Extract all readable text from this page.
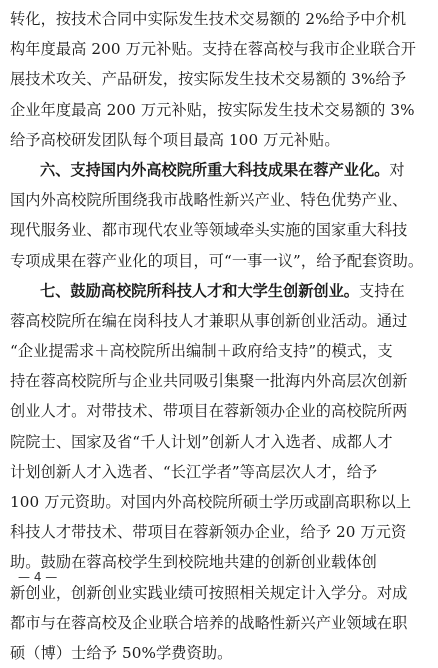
转化，按技术合同中实际发生技术交易额的 2%给予中介机
构年度最高 200 万元补贴。支持在蓉高校与我市企业联合开
展技术攻关、产品研发，按实际发生技术交易额的 3%给予
企业年度最高 200 万元补贴，按实际发生技术交易额的 3%
给予高校研发团队每个项目最高 100 万元补贴。
六、支持国内外高校院所重大科技成果在蓉产业化。对
国内外高校院所围绕我市战略性新兴产业、特色优势产业、
现代服务业、都市现代农业等领域牵头实施的国家重大科技
专项成果在蓉产业化的项目，可“一事一议”，给予配套资助。
七、鼓励高校院所科技人才和大学生创新创业。支持在
蓉高校院所在编在岗科技人才兼职从事创新创业活动。通过
“企业提需求＋高校院所出编制＋政府给支持”的模式，支
持在蓉高校院所与企业共同吸引集聚一批海内外高层次创新
创业人才。对带技术、带项目在蓉新领办企业的高校院所两
院院士、国家及省“千人计划”创新人才入选者、成都人才
计划创新人才入选者、“长江学者”等高层次人才，给予
100 万元资助。对国内外高校院所硕士学历或副高职称以上
科技人才带技术、带项目在蓉新领办企业，给予 20 万元资
助。鼓励在蓉高校学生到校院地共建的创新创业载体创
新创业，创新创业实践业绩可按照相关规定计入学分。对成
都市与在蓉高校及企业联合培养的战略性新兴产业领域在职
硕（博）士给予 50%学费资助。
— 4 —
